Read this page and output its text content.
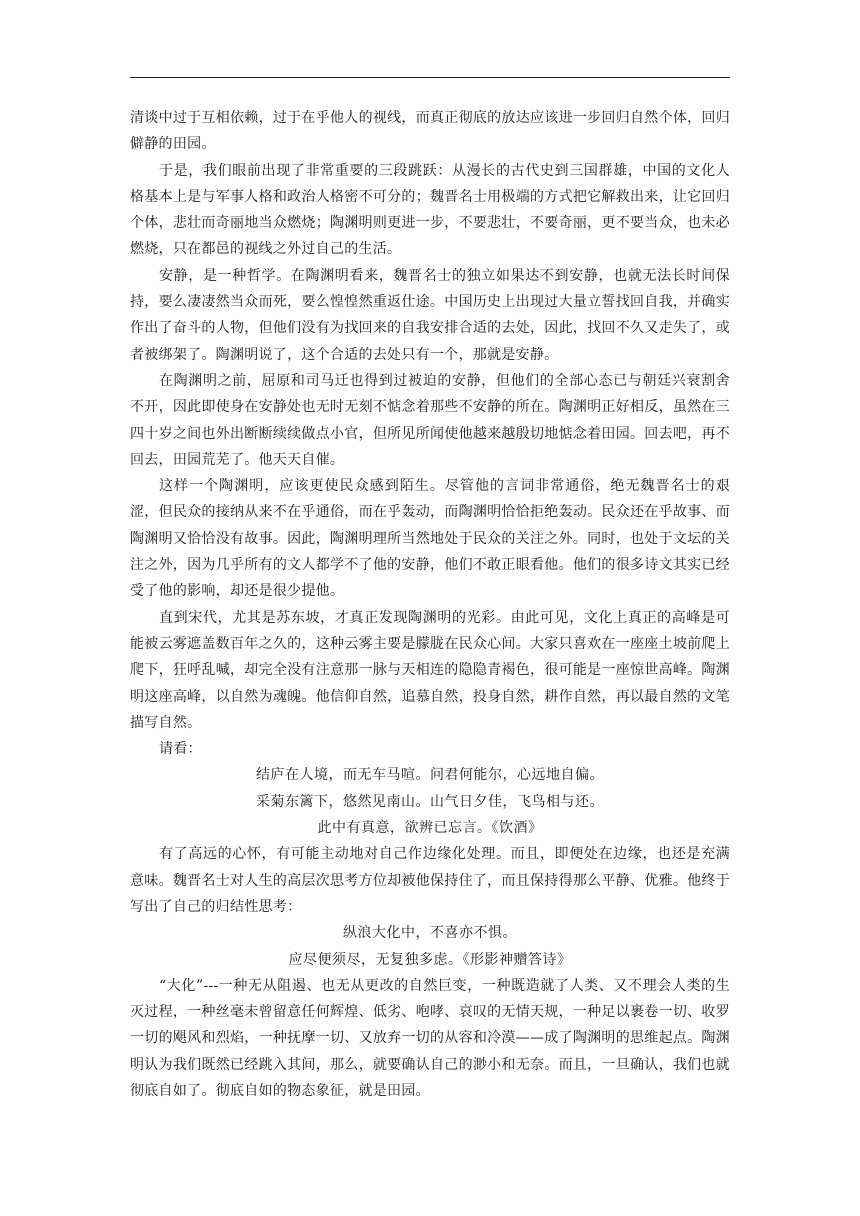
清谈中过于互相依赖，过于在乎他人的视线，而真正彻底的放达应该进一步回归自然个体，回归僻静的田园。

于是，我们眼前出现了非常重要的三段跳跃：从漫长的古代史到三国群雄，中国的文化人格基本上是与军事人格和政治人格密不可分的；魏晋名士用极端的方式把它解救出来，让它回归个体，悲壮而奇丽地当众燃烧；陶渊明则更进一步，不要悲壮，不要奇丽，更不要当众，也未必燃烧，只在都邑的视线之外过自己的生活。

安静，是一种哲学。在陶渊明看来，魏晋名士的独立如果达不到安静，也就无法长时间保持，要么凄凄然当众而死，要么惶惶然重返仕途。中国历史上出现过大量立誓找回自我，并确实作出了奋斗的人物，但他们没有为找回来的自我安排合适的去处，因此，找回不久又走失了，或者被绑架了。陶渊明说了，这个合适的去处只有一个，那就是安静。

在陶渊明之前，屈原和司马迁也得到过被迫的安静，但他们的全部心态已与朝廷兴衰割舍不开，因此即使身在安静处也无时无刻不惦念着那些不安静的所在。陶渊明正好相反，虽然在三四十岁之间也外出断断续续做点小官，但所见所闻使他越来越殷切地惦念着田园。回去吧，再不回去，田园荒芜了。他天天自催。

这样一个陶渊明，应该更使民众感到陌生。尽管他的言词非常通俗，绝无魏晋名士的艰涩，但民众的接纳从来不在乎通俗，而在乎轰动，而陶渊明恰恰拒绝轰动。民众还在乎故事、而陶渊明又恰恰没有故事。因此，陶渊明理所当然地处于民众的关注之外。同时，也处于文坛的关注之外，因为几乎所有的文人都学不了他的安静，他们不敢正眼看他。他们的很多诗文其实已经受了他的影响，却还是很少提他。

直到宋代，尤其是苏东坡，才真正发现陶渊明的光彩。由此可见，文化上真正的高峰是可能被云雾遮盖数百年之久的，这种云雾主要是朦胧在民众心间。大家只喜欢在一座座土坡前爬上爬下，狂呼乱喊，却完全没有注意那一脉与天相连的隐隐青褐色，很可能是一座惊世高峰。陶渊明这座高峰，以自然为魂魄。他信仰自然，追慕自然，投身自然，耕作自然，再以最自然的文笔描写自然。

请看：

结庐在人境，而无车马喧。问君何能尔，心远地自偏。

采菊东篱下，悠然见南山。山气日夕佳，飞鸟相与还。

此中有真意，欲辨已忘言。《饮酒》

有了高远的心怀，有可能主动地对自己作边缘化处理。而且，即便处在边缘，也还是充满意味。魏晋名士对人生的高层次思考方位却被他保持住了，而且保持得那么平静、优雅。他终于写出了自己的归结性思考：

纵浪大化中，不喜亦不惧。

应尽便须尽，无复独多虑。《形影神赠答诗》

“大化”---一种无从阻遏、也无从更改的自然巨变，一种既造就了人类、又不理会人类的生灭过程，一种丝毫未曾留意任何辉煌、低劣、咆哮、哀叹的无情天规，一种足以裹卷一切、收罗一切的飓风和烈焰，一种抚摩一切、又放弃一切的从容和冷漠——成了陶渊明的思维起点。陶渊明认为我们既然已经跳入其间，那么，就要确认自己的渺小和无奈。而且，一旦确认，我们也就彻底自如了。彻底自如的物态象征，就是田园。
